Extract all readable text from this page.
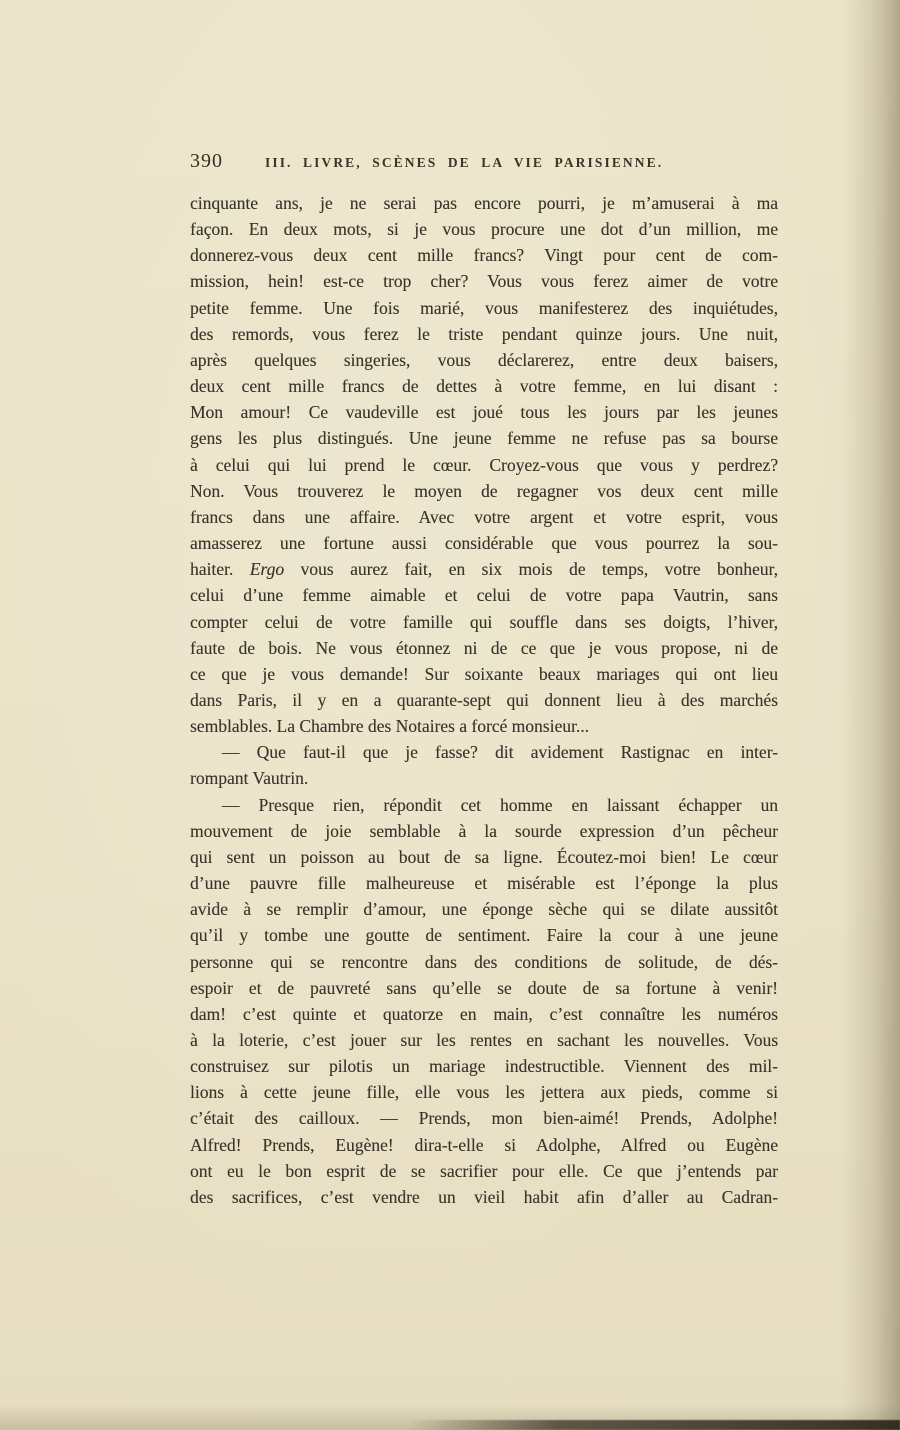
390	III. LIVRE, SCÈNES DE LA VIE PARISIENNE.
cinquante ans, je ne serai pas encore pourri, je m’amuserai à ma
façon. En deux mots, si je vous procure une dot d’un million, me
donnerez-vous deux cent mille francs? Vingt pour cent de com-
mission, hein! est-ce trop cher? Vous vous ferez aimer de votre
petite femme. Une fois marié, vous manifesterez des inquiétudes,
des remords, vous ferez le triste pendant quinze jours. Une nuit,
après quelques singeries, vous déclarerez, entre deux baisers,
deux cent mille francs de dettes à votre femme, en lui disant :
Mon amour! Ce vaudeville est joué tous les jours par les jeunes
gens les plus distingués. Une jeune femme ne refuse pas sa bourse
à celui qui lui prend le cœur. Croyez-vous que vous y perdrez?
Non. Vous trouverez le moyen de regagner vos deux cent mille
francs dans une affaire. Avec votre argent et votre esprit, vous
amasserez une fortune aussi considérable que vous pourrez la sou-
haiter. Ergo vous aurez fait, en six mois de temps, votre bonheur,
celui d’une femme aimable et celui de votre papa Vautrin, sans
compter celui de votre famille qui souffle dans ses doigts, l’hiver,
faute de bois. Ne vous étonnez ni de ce que je vous propose, ni de
ce que je vous demande! Sur soixante beaux mariages qui ont lieu
dans Paris, il y en a quarante-sept qui donnent lieu à des marchés
semblables. La Chambre des Notaires a forcé monsieur...
— Que faut-il que je fasse? dit avidement Rastignac en inter-
rompant Vautrin.
— Presque rien, répondit cet homme en laissant échapper un
mouvement de joie semblable à la sourde expression d’un pêcheur
qui sent un poisson au bout de sa ligne. Écoutez-moi bien! Le cœur
d’une pauvre fille malheureuse et misérable est l’éponge la plus
avide à se remplir d’amour, une éponge sèche qui se dilate aussitôt
qu’il y tombe une goutte de sentiment. Faire la cour à une jeune
personne qui se rencontre dans des conditions de solitude, de dés-
espoir et de pauvreté sans qu’elle se doute de sa fortune à venir!
dam! c’est quinte et quatorze en main, c’est connaître les numéros
à la loterie, c’est jouer sur les rentes en sachant les nouvelles. Vous
construisez sur pilotis un mariage indestructible. Viennent des mil-
lions à cette jeune fille, elle vous les jettera aux pieds, comme si
c’était des cailloux. — Prends, mon bien-aimé! Prends, Adolphe!
Alfred! Prends, Eugène! dira-t-elle si Adolphe, Alfred ou Eugène
ont eu le bon esprit de se sacrifier pour elle. Ce que j’entends par
des sacrifices, c’est vendre un vieil habit afin d’aller au Cadran-
